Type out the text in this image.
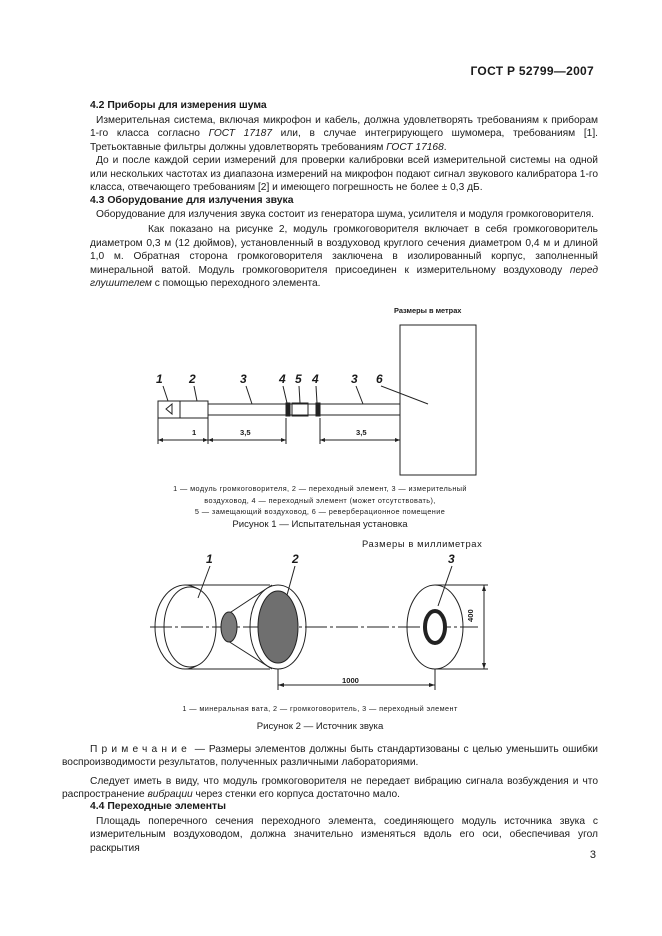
ГОСТ Р 52799—2007
4.2 Приборы для измерения шума

Измерительная система, включая микрофон и кабель, должна удовлетворять требованиям к приборам 1-го класса согласно ГОСТ 17187 или, в случае интегрирующего шумомера, требованиям [1]. Третьоктавные фильтры должны удовлетворять требованиям ГОСТ 17168.

До и после каждой серии измерений для проверки калибровки всей измерительной системы на одной или нескольких частотах из диапазона измерений на микрофон подают сигнал звукового калибратора 1-го класса, отвечающего требованиям [2] и имеющего погрешность не более ± 0,3 дБ.

4.3 Оборудование для излучения звука

Оборудование для излучения звука состоит из генератора шума, усилителя и модуля громкоговорителя.

Как показано на рисунке 2, модуль громкоговорителя включает в себя громкоговоритель диаметром 0,3 м (12 дюймов), установленный в воздуховод круглого сечения диаметром 0,4 м и длиной 1,0 м. Обратная сторона громкоговорителя заключена в изолированный корпус, заполненный минеральной ватой. Модуль громкоговорителя присоединен к измерительному воздуховоду перед глушителем с помощью переходного элемента.

Размеры в метрах
1 2	3	4 5 4	3 6
1	3,5	3,5
1 — модуль громкоговорителя, 2 — переходный элемент, 3 — измерительный воздуховод, 4 — переходный элемент (может отсутствовать),
5 — замещающий воздуховод, 6 — реверберационное помещение
Рисунок 1 — Испытательная установка
Размеры в миллиметрах
1	2	3
1000
400
1 — минеральная вата, 2 — громкоговоритель, 3 — переходный элемент
Рисунок 2 — Источник звука
Примечание — Размеры элементов должны быть стандартизованы с целью уменьшить ошибки воспроизводимости результатов, полученных различными лабораториями.
Следует иметь в виду, что модуль громкоговорителя не передает вибрацию сигнала возбуждения и что распространение вибрации через стенки его корпуса достаточно мало.
4.4 Переходные элементы
Площадь поперечного сечения переходного элемента, соединяющего модуль источника звука с измерительным воздуховодом, должна значительно изменяться вдоль его оси, обеспечивая угол раскрытия
3
